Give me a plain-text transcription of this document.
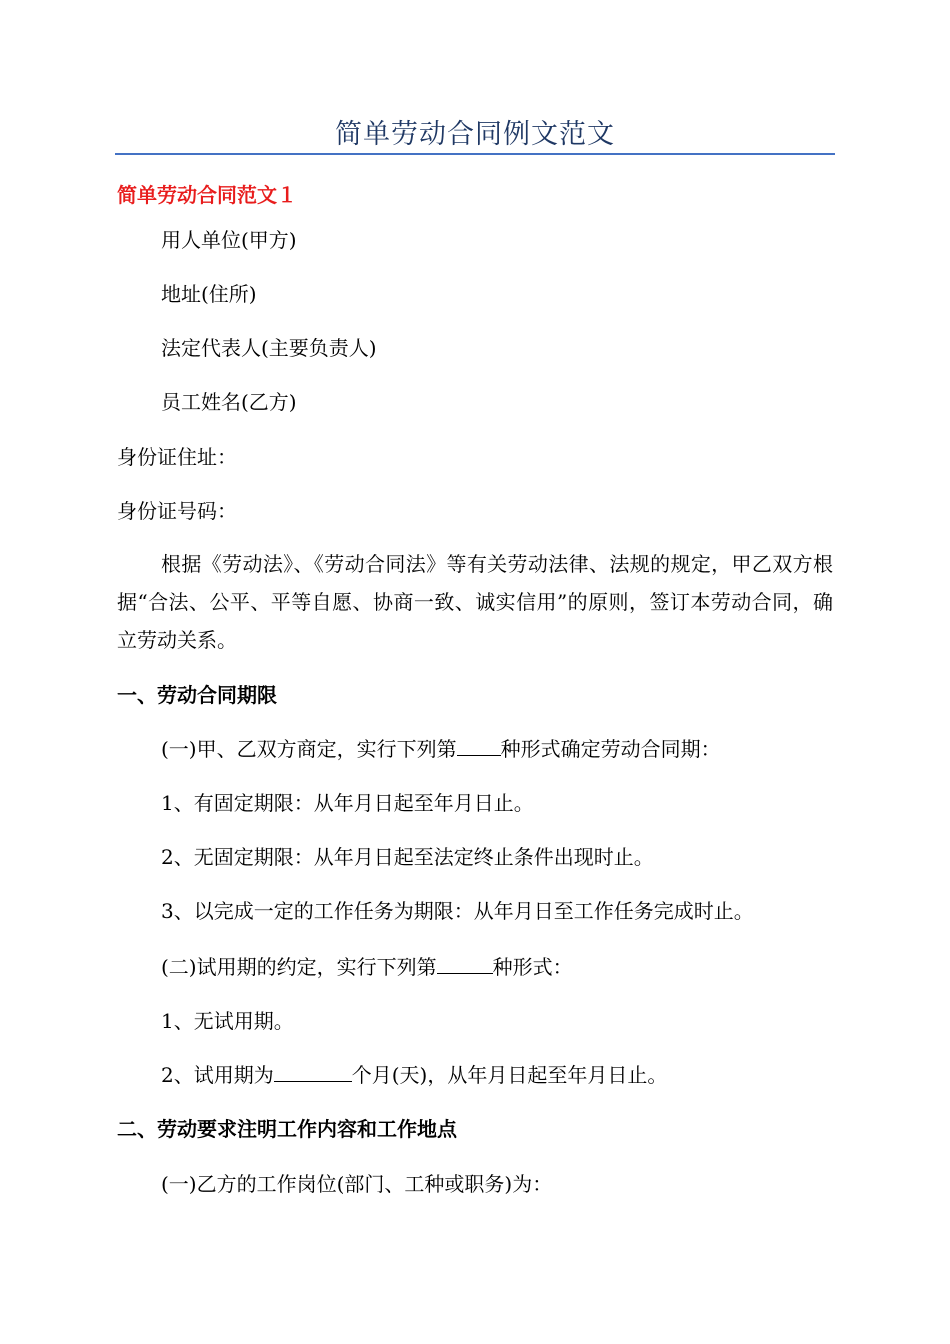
简单劳动合同例文范文
简单劳动合同范文１
用人单位(甲方)
地址(住所)
法定代表人(主要负责人)
员工姓名(乙方)
身份证住址：
身份证号码：
根据《劳动法》、《劳动合同法》等有关劳动法律、法规的规定，甲乙双方根据“合法、公平、平等自愿、协商一致、诚实信用”的原则，签订本劳动合同，确立劳动关系。
一、劳动合同期限
(一)甲、乙双方商定，实行下列第 种形式确定劳动合同期：
1、有固定期限：从年月日起至年月日止。
2、无固定期限：从年月日起至法定终止条件出现时止。
3、以完成一定的工作任务为期限：从年月日至工作任务完成时止。
(二)试用期的约定，实行下列第	种形式：
1、无试用期。
2、试用期为	个月(天)，从年月日起至年月日止。
二、劳动要求注明工作内容和工作地点
(一)乙方的工作岗位(部门、工种或职务)为：
